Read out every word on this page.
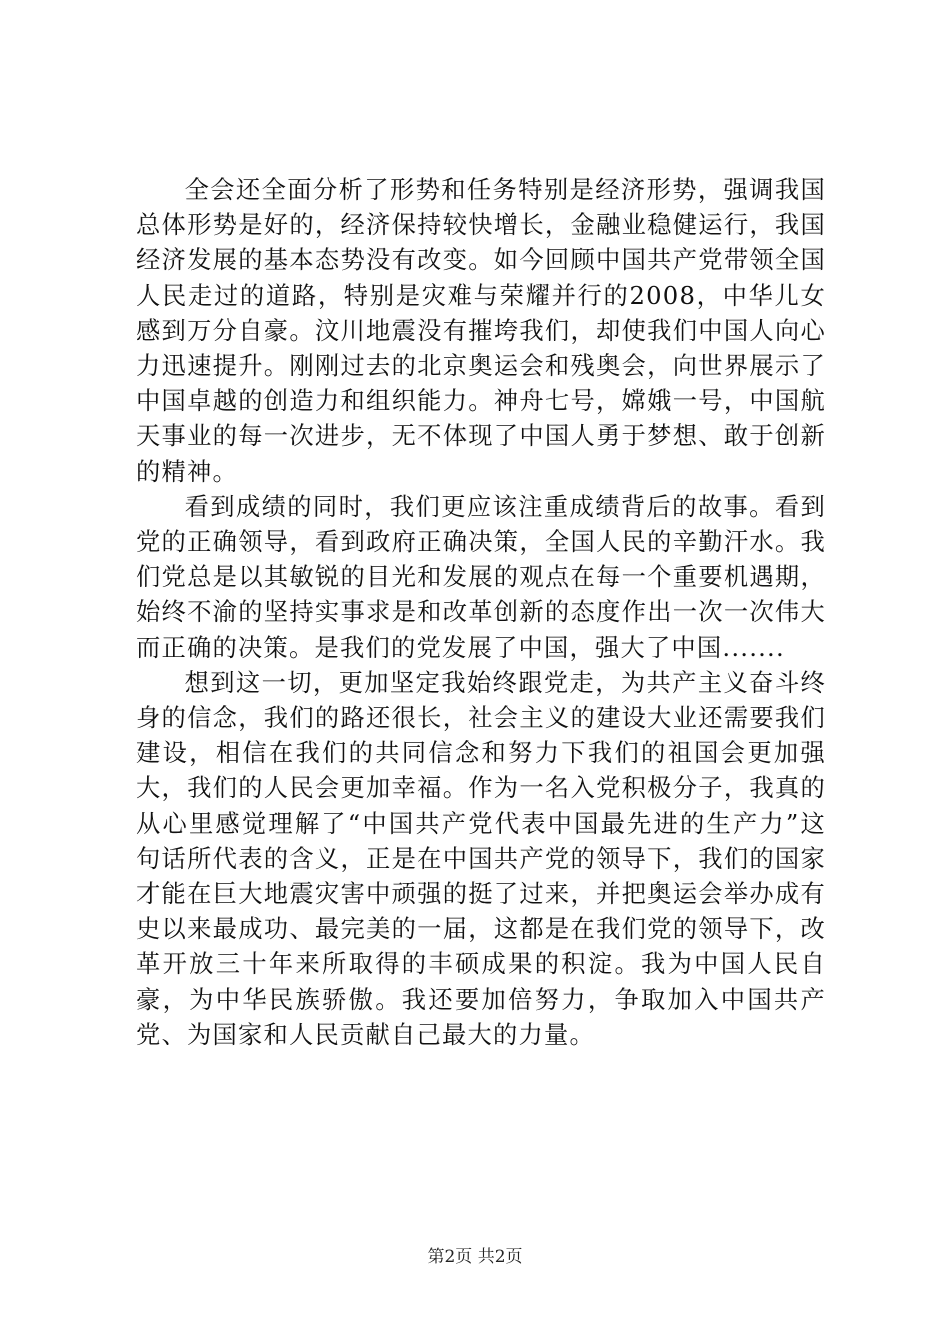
全会还全面分析了形势和任务特别是经济形势，强调我国总体形势是好的，经济保持较快增长，金融业稳健运行，我国经济发展的基本态势没有改变。如今回顾中国共产党带领全国人民走过的道路，特别是灾难与荣耀并行的2008，中华儿女感到万分自豪。汶川地震没有摧垮我们，却使我们中国人向心力迅速提升。刚刚过去的北京奥运会和残奥会，向世界展示了中国卓越的创造力和组织能力。神舟七号，嫦娥一号，中国航天事业的每一次进步，无不体现了中国人勇于梦想、敢于创新的精神。

看到成绩的同时，我们更应该注重成绩背后的故事。看到党的正确领导，看到政府正确决策，全国人民的辛勤汗水。我们党总是以其敏锐的目光和发展的观点在每一个重要机遇期，始终不渝的坚持实事求是和改革创新的态度作出一次一次伟大而正确的决策。是我们的党发展了中国，强大了中国.......

想到这一切，更加坚定我始终跟党走，为共产主义奋斗终身的信念，我们的路还很长，社会主义的建设大业还需要我们建设，相信在我们的共同信念和努力下我们的祖国会更加强大，我们的人民会更加幸福。作为一名入党积极分子，我真的从心里感觉理解了“中国共产党代表中国最先进的生产力”这句话所代表的含义，正是在中国共产党的领导下，我们的国家才能在巨大地震灾害中顽强的挺了过来，并把奥运会举办成有史以来最成功、最完美的一届，这都是在我们党的领导下，改革开放三十年来所取得的丰硕成果的积淀。我为中国人民自豪，为中华民族骄傲。我还要加倍努力，争取加入中国共产党、为国家和人民贡献自己最大的力量。

第2页 共2页
